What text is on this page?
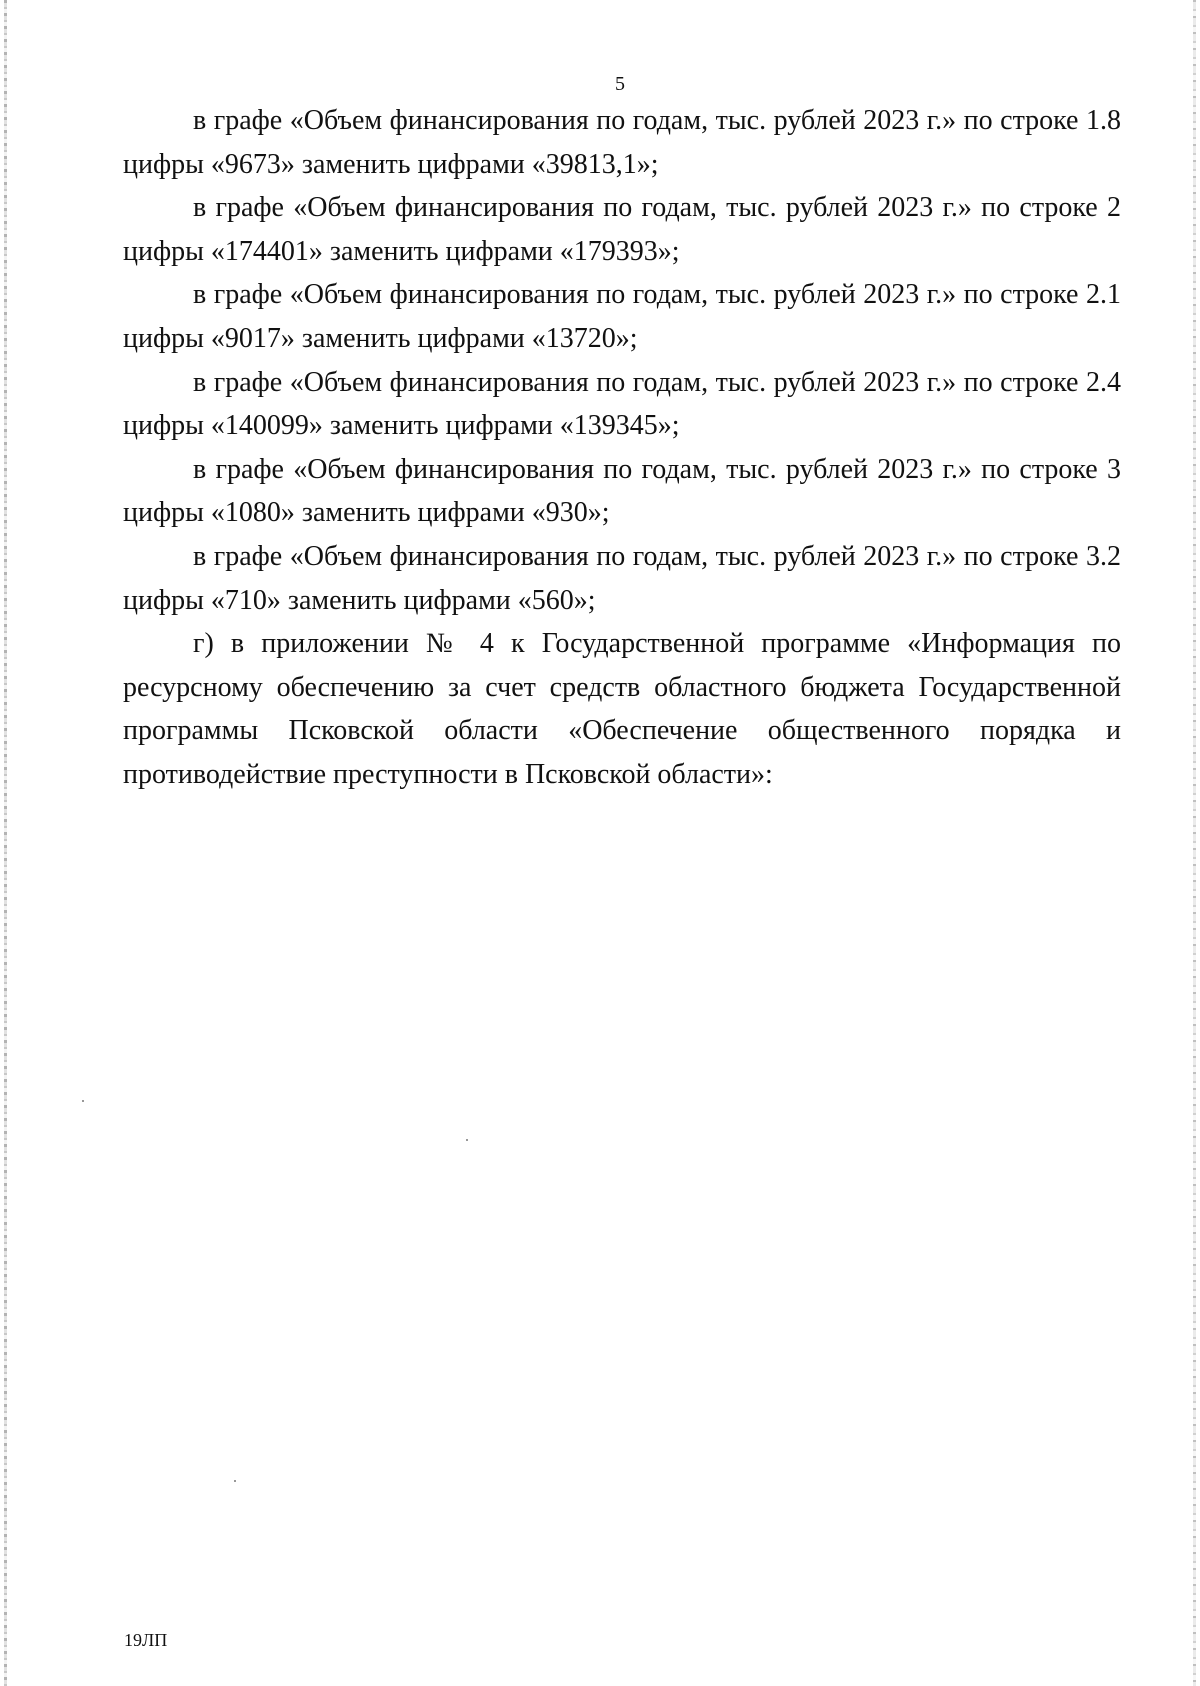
5

в графе «Объем финансирования по годам, тыс. рублей 2023 г.» по строке 1.8 цифры «9673» заменить цифрами «39813,1»;

в графе «Объем финансирования по годам, тыс. рублей 2023 г.» по строке 2 цифры «174401» заменить цифрами «179393»;

в графе «Объем финансирования по годам, тыс. рублей 2023 г.» по строке 2.1 цифры «9017» заменить цифрами «13720»;

в графе «Объем финансирования по годам, тыс. рублей 2023 г.» по строке 2.4 цифры «140099» заменить цифрами «139345»;

в графе «Объем финансирования по годам, тыс. рублей 2023 г.» по строке 3 цифры «1080» заменить цифрами «930»;

в графе «Объем финансирования по годам, тыс. рублей 2023 г.» по строке 3.2 цифры «710» заменить цифрами «560»;

г) в приложении № 4 к Государственной программе «Информация по ресурсному обеспечению за счет средств областного бюджета Государственной программы Псковской области «Обеспечение общественного порядка и противодействие преступности в Псковской области»:

19ЛП
